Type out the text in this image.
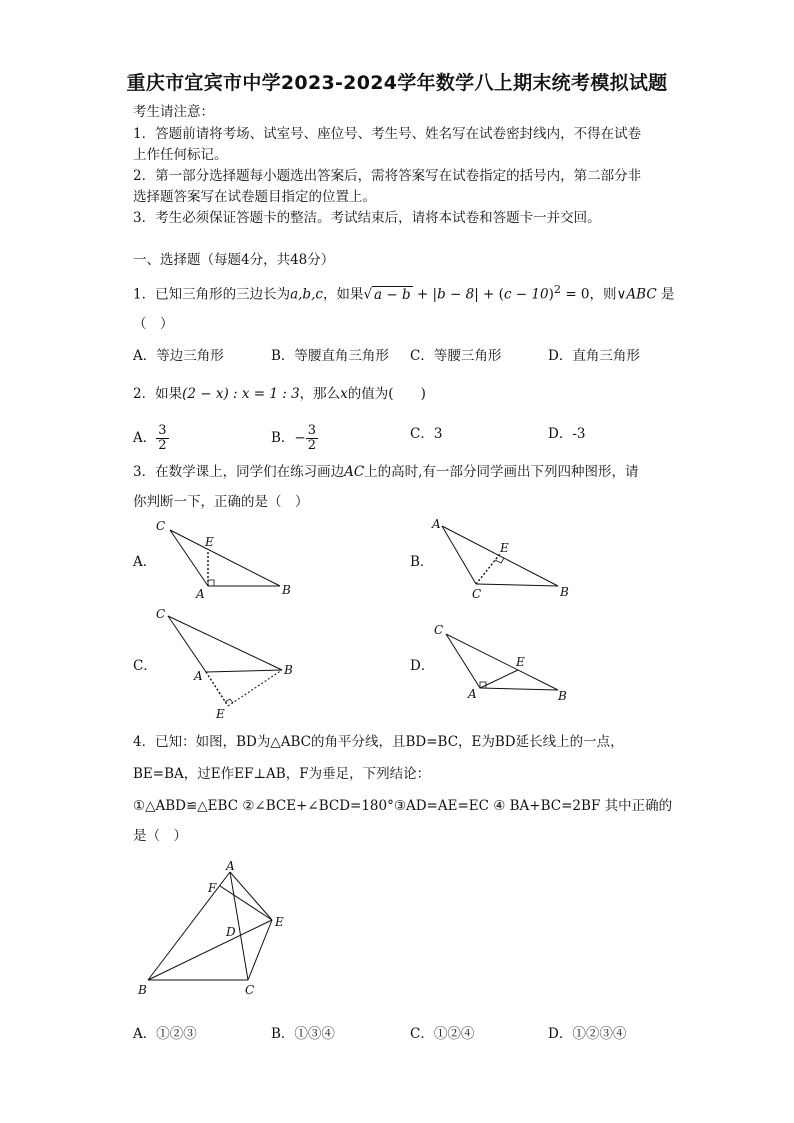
重庆市宜宾市中学2023-2024学年数学八上期末统考模拟试题
考生请注意：
1．答题前请将考场、试室号、座位号、考生号、姓名写在试卷密封线内，不得在试卷
上作任何标记。
2．第一部分选择题每小题选出答案后，需将答案写在试卷指定的括号内，第二部分非
选择题答案写在试卷题目指定的位置上。
3．考生必须保证答题卡的整洁。考试结束后，请将本试卷和答题卡一并交回。
一、选择题（每题4分，共48分）
1．已知三角形的三边长为a,b,c，如果√ $a - b + |b - 8| + (c - 10)^2 = 0$，则∨ABC 是
（　）
A．等边三角形	B．等腰直角三角形 C．等腰三角形	D．直角三角形
2．如果(2 − x) : x = 1 : 3，那么x的值为(　　)
A． $\frac{3}{2}$	B．− $\frac{3}{2}$	C．3	D．-3
3．在数学课上，同学们在练习画边AC上的高时,有一部分同学画出下列四种图形，请
你判断一下，正确的是（　）
A．	B．
C．	D．
C
E
A	B
A
E
C	B
C
A	B
E
C
E
A	B
4．已知：如图，BD为△ABC的角平分线，且BD=BC，E为BD延长线上的一点，
BE=BA，过E作EF⊥AB，F为垂足，下列结论：
①△ABD≌△EBC ②∠BCE+∠BCD=180°③AD=AE=EC ④ BA+BC=2BF 其中正确的
是（　）
A
F
E
D
B	C
A．①②③	B．①③④	C．①②④	D．①②③④
